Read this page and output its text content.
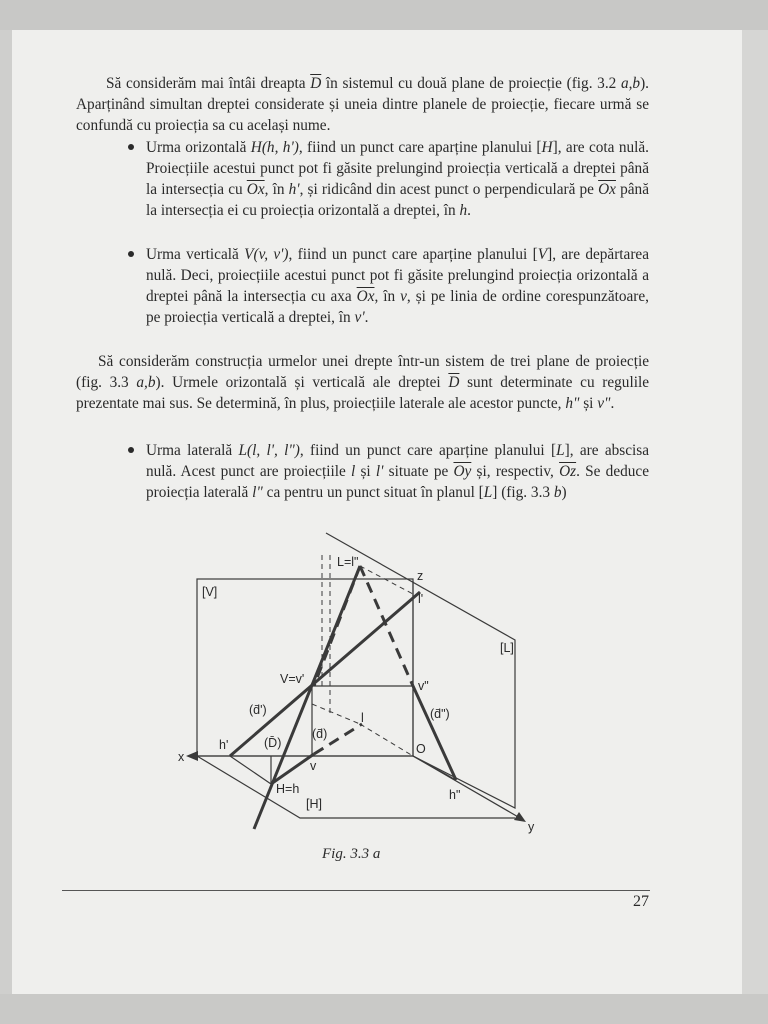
Să considerăm mai întâi dreapta $\overline{D}$ în sistemul cu două plane de proiecție (fig. 3.2 a,b). Aparținând simultan dreptei considerate și uneia dintre planele de proiecție, fiecare urmă se confundă cu proiecția sa cu același nume.
Urma orizontală H(h, h'), fiind un punct care aparține planului [H], are cota nulă. Proiecțiile acestui punct pot fi găsite prelungind proiecția verticală a dreptei până la intersecția cu $\overline{Ox}$, în h', și ridicând din acest punct o perpendiculară pe $\overline{Ox}$ până la intersecția ei cu proiecția orizontală a dreptei, în h.
Urma verticală V(v, v'), fiind un punct care aparține planului [V], are depărtarea nulă. Deci, proiecțiile acestui punct pot fi găsite prelungind proiecția orizontală a dreptei până la intersecția cu axa $\overline{Ox}$, în v, și pe linia de ordine corespunzătoare, pe proiecția verticală a dreptei, în v'.
Să considerăm construcția urmelor unei drepte într-un sistem de trei plane de proiecție (fig. 3.3 a,b). Urmele orizontală și verticală ale dreptei $\overline{D}$ sunt determinate cu regulile prezentate mai sus. Se determină, în plus, proiecțiile laterale ale acestor puncte, h" și v".
Urma laterală L(l, l', l"), fiind un punct care aparține planului [L], are abscisa nulă. Acest punct are proiecțiile l și l' situate pe $\overline{Oy}$ și, respectiv, $\overline{Oz}$. Se deduce proiecția laterală l" ca pentru un punct situat în planul [L] (fig. 3.3 b)
L=l"
z
[V]	l'
[L]
V=v'	v"
(d̄')	(d̄")
l
(d̄)
(D̄)
h'
x
O
v
H=h	h"
[H]
y
Fig. 3.3 a
27
